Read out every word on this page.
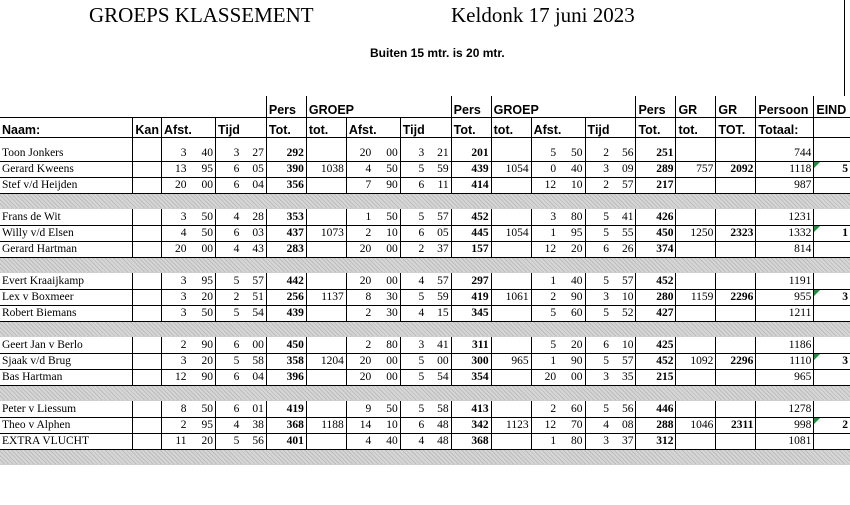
GROEPS KLASSEMENT	Keldonk 17 juni 2023
Buiten 15 mtr. is 20 mtr.
						Pers	GROEP					Pers	GROEP					Pers	GR	GR	Persoon	EIND
Naam:	Kan	Afst.		Tijd		Tot.	tot.	Afst.		Tijd		Tot.	tot.	Afst.		Tijd		Tot.	tot.	TOT.	Totaal:	

Toon Jonkers		3	40	3	27	292		20	00	3	21	201		5	50	2	56	251			744	
Gerard Kweens		13	95	6	05	390	1038	4	50	5	59	439	1054	0	40	3	09	289	757	2092	1118	5
Stef v/d Heijden		20	00	6	04	356		7	90	6	11	414		12	10	2	57	217			987	

Frans de Wit		3	50	4	28	353		1	50	5	57	452		3	80	5	41	426			1231	
Willy v/d Elsen		4	50	6	03	437	1073	2	10	6	05	445	1054	1	95	5	55	450	1250	2323	1332	1
Gerard Hartman		20	00	4	43	283		20	00	2	37	157		12	20	6	26	374			814	

Evert Kraaijkamp		3	95	5	57	442		20	00	4	57	297		1	40	5	57	452			1191	
Lex v Boxmeer		3	20	2	51	256	1137	8	30	5	59	419	1061	2	90	3	10	280	1159	2296	955	3
Robert Biemans		3	50	5	54	439		2	30	4	15	345		5	60	5	52	427			1211	

Geert Jan v Berlo		2	90	6	00	450		2	80	3	41	311		5	20	6	10	425			1186	
Sjaak v/d Brug		3	20	5	58	358	1204	20	00	5	00	300	965	1	90	5	57	452	1092	2296	1110	3
Bas Hartman		12	90	6	04	396		20	00	5	54	354		20	00	3	35	215			965	

Peter v Liessum		8	50	6	01	419		9	50	5	58	413		2	60	5	56	446			1278	
Theo v Alphen		2	95	4	38	368	1188	14	10	6	48	342	1123	12	70	4	08	288	1046	2311	998	2
EXTRA VLUCHT		11	20	5	56	401		4	40	4	48	368		1	80	3	37	312			1081	
